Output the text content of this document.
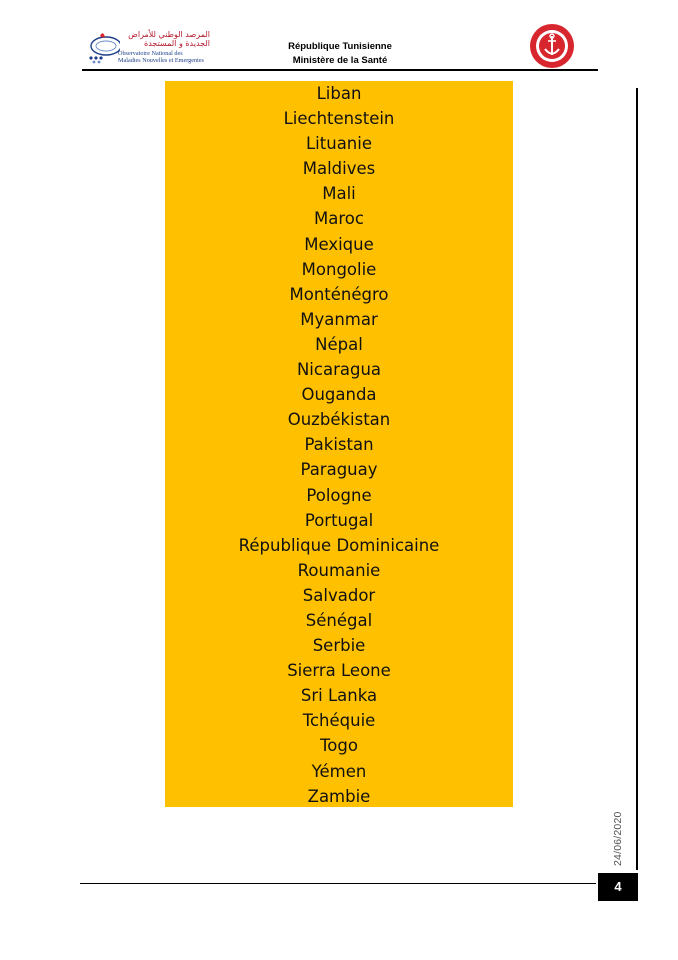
المرصد الوطني للأمراض
الجديدة و المستجدة
Observatoire National des
Maladies Nouvelles et Emergentes
République Tunisienne
Ministère de la Santé
Liban
Liechtenstein
Lituanie
Maldives
Mali
Maroc
Mexique
Mongolie
Monténégro
Myanmar
Népal
Nicaragua
Ouganda
Ouzbékistan
Pakistan
Paraguay
Pologne
Portugal
République Dominicaine
Roumanie
Salvador
Sénégal
Serbie
Sierra Leone
Sri Lanka
Tchéquie
Togo
Yémen
Zambie
24/06/2020
4
